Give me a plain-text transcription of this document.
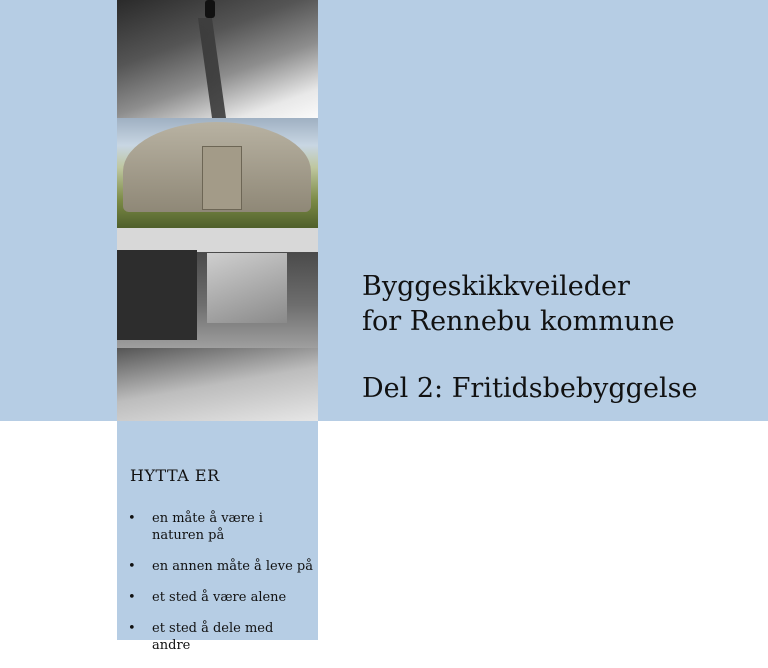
Byggeskikkveileder
for Rennebu kommune
Del 2: Fritidsbebyggelse
HYTTA ER
• en måte å være i naturen på
• en annen måte å leve på
• et sted å være alene
• et sted å dele med andre
